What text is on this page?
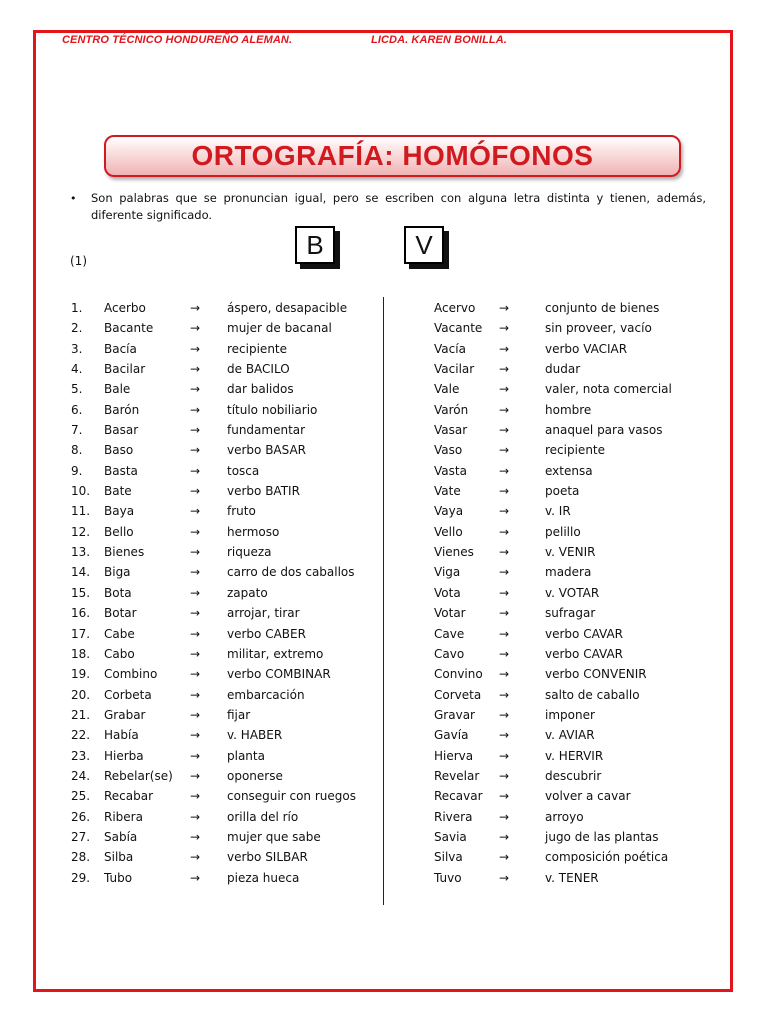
CENTRO TÉCNICO HONDUREÑO ALEMAN.	LICDA. KAREN BONILLA.
ORTOGRAFÍA: HOMÓFONOS
• Son palabras que se pronuncian igual, pero se escriben con alguna letra distinta y tienen, además, diferente significado.
B	V
(1)
1. Acerbo	→ áspero, desapacible	Acervo →	conjunto de bienes
2. Bacante	→ mujer de bacanal	Vacante →	sin proveer, vacío
3. Bacía	→ recipiente	Vacía	→	verbo VACIAR
4. Bacilar	→ de BACILO	Vacilar →	dudar
5. Bale	→ dar balidos	Vale	→	valer, nota comercial
6. Barón	→ título nobiliario	Varón	→	hombre
7. Basar	→ fundamentar	Vasar	→	anaquel para vasos
8. Baso	→ verbo BASAR	Vaso	→	recipiente
9. Basta	→ tosca	Vasta	→	extensa
10. Bate	→ verbo BATIR	Vate	→	poeta
11. Baya	→ fruto	Vaya	→	v. IR
12. Bello	→ hermoso	Vello	→	pelillo
13. Bienes	→ riqueza	Vienes →	v. VENIR
14. Biga	→ carro de dos caballos	Viga	→	madera
15. Bota	→ zapato	Vota	→	v. VOTAR
16. Botar	→ arrojar, tirar	Votar	→	sufragar
17. Cabe	→ verbo CABER	Cave	→	verbo CAVAR
18. Cabo	→ militar, extremo	Cavo	→	verbo CAVAR
19. Combino	→ verbo COMBINAR	Convino →	verbo CONVENIR
20. Corbeta	→ embarcación	Corveta →	salto de caballo
21. Grabar	→ fijar	Gravar →	imponer
22. Había	→ v. HABER	Gavía	→	v. AVIAR
23. Hierba	→ planta	Hierva →	v. HERVIR
24. Rebelar(se) → oponerse	Revelar →	descubrir
25. Recabar	→ conseguir con ruegos	Recavar →	volver a cavar
26. Ribera	→ orilla del río	Rivera →	arroyo
27. Sabía	→ mujer que sabe	Savia	→	jugo de las plantas
28. Silba	→ verbo SILBAR	Silva	→	composición poética
29. Tubo	→ pieza hueca	Tuvo	→	v. TENER
